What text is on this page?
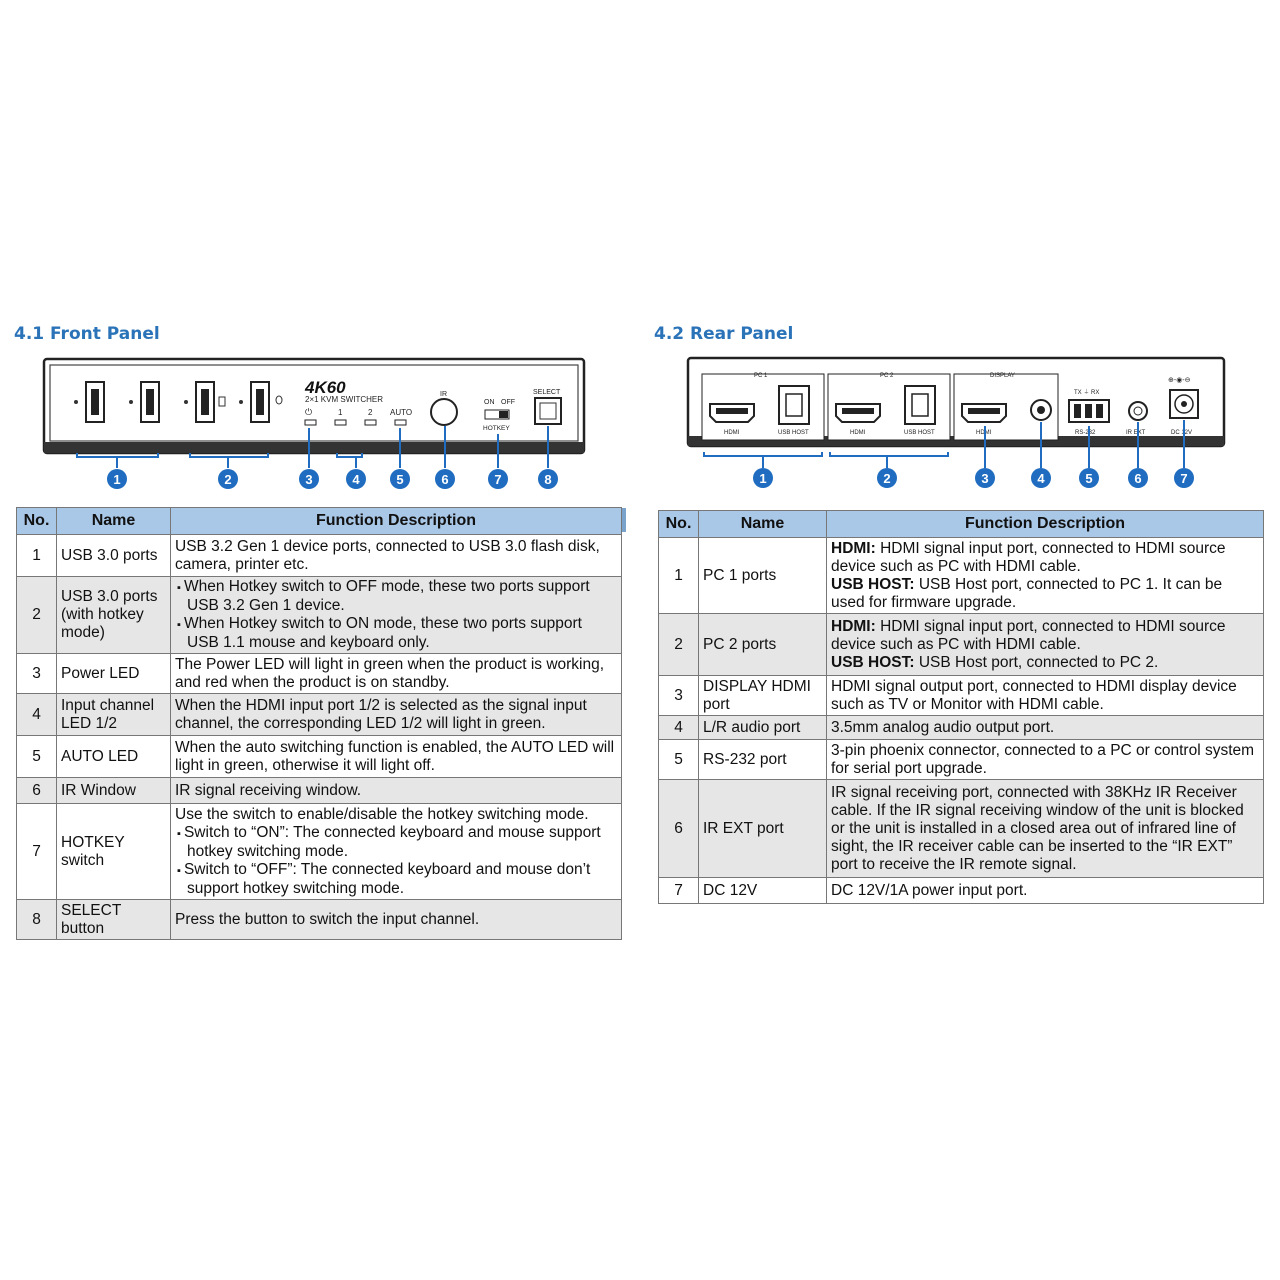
4.1 Front Panel	4.2 Rear Panel
4K60
2×1 KVM SWITCHER
⏻	1	2 AUTO
IR
ON OFF
HOTKEY
SELECT
1	2	3	4	5	6	7	8
PC 1
HDMI	USB HOST
PC 2
HDMI	USB HOST
DISPLAY
HDMI
TX ⏚ RX
RS-232	IR EXT
⊕-◉-⊖
DC 12V
1	2	3	4	5	6	7
No.	Name	Function Description
1	USB 3.0 ports	USB 3.2 Gen 1 device ports, connected to USB 3.0 flash disk, camera, printer etc.

2	USB 3.0 ports (with hotkey mode)	▪ When Hotkey switch to OFF mode, these two ports support USB 3.2 Gen 1 device.
▪ When Hotkey switch to ON mode, these two ports support USB 1.1 mouse and keyboard only.

3	Power LED	The Power LED will light in green when the product is working, and red when the product is on standby.

4	Input channel LED 1/2	When the HDMI input port 1/2 is selected as the signal input channel, the corresponding LED 1/2 will light in green.

5	AUTO LED	When the auto switching function is enabled, the AUTO LED will light in green, otherwise it will light off.

6	IR Window	IR signal receiving window.

7	HOTKEY switch	Use the switch to enable/disable the hotkey switching mode.
▪ Switch to “ON”: The connected keyboard and mouse support hotkey switching mode.
▪ Switch to “OFF”: The connected keyboard and mouse don’t support hotkey switching mode.

8	SELECT button	Press the button to switch the input channel.
No.	Name	Function Description
1	PC 1 ports	HDMI: HDMI signal input port, connected to HDMI source device such as PC with HDMI cable.
USB HOST: USB Host port, connected to PC 1. It can be used for firmware upgrade.

2	PC 2 ports	HDMI: HDMI signal input port, connected to HDMI source device such as PC with HDMI cable.
USB HOST: USB Host port, connected to PC 2.

3	DISPLAY HDMI port	HDMI signal output port, connected to HDMI display device such as TV or Monitor with HDMI cable.

4	L/R audio port	3.5mm analog audio output port.

5	RS-232 port	3-pin phoenix connector, connected to a PC or control system for serial port upgrade.

6	IR EXT port	IR signal receiving port, connected with 38KHz IR Receiver cable. If the IR signal receiving window of the unit is blocked or the unit is installed in a closed area out of infrared line of sight, the IR receiver cable can be inserted to the “IR EXT” port to receive the IR remote signal.

7	DC 12V	DC 12V/1A power input port.
